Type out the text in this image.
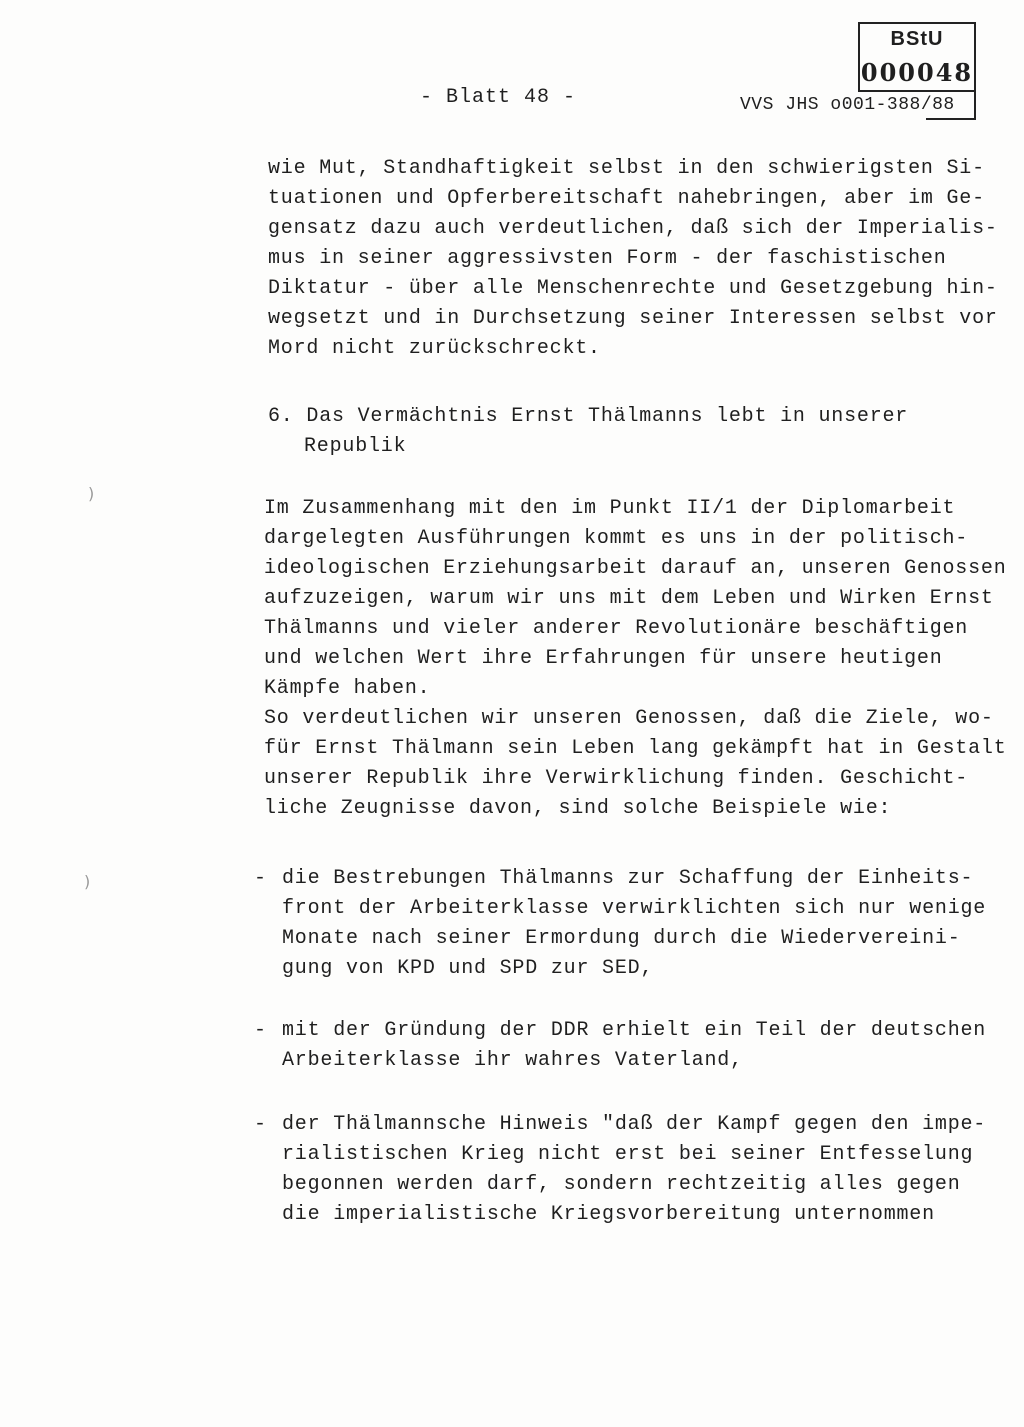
BStU
000048
- Blatt 48 -	VVS JHS o001-388/88
wie Mut, Standhaftigkeit selbst in den schwierigsten Si-
tuationen und Opferbereitschaft nahebringen, aber im Ge-
gensatz dazu auch verdeutlichen, daß sich der Imperialis-
mus in seiner aggressivsten Form - der faschistischen
Diktatur - über alle Menschenrechte und Gesetzgebung hin-
wegsetzt und in Durchsetzung seiner Interessen selbst vor
Mord nicht zurückschreckt.
6. Das Vermächtnis Ernst Thälmanns lebt in unserer
Republik
Im Zusammenhang mit den im Punkt II/1 der Diplomarbeit
dargelegten Ausführungen kommt es uns in der politisch-
ideologischen Erziehungsarbeit darauf an, unseren Genossen
aufzuzeigen, warum wir uns mit dem Leben und Wirken Ernst
Thälmanns und vieler anderer Revolutionäre beschäftigen
und welchen Wert ihre Erfahrungen für unsere heutigen
Kämpfe haben.
So verdeutlichen wir unseren Genossen, daß die Ziele, wo-
für Ernst Thälmann sein Leben lang gekämpft hat in Gestalt
unserer Republik ihre Verwirklichung finden. Geschicht-
liche Zeugnisse davon, sind solche Beispiele wie:
- die Bestrebungen Thälmanns zur Schaffung der Einheits-
front der Arbeiterklasse verwirklichten sich nur wenige
Monate nach seiner Ermordung durch die Wiedervereini-
gung von KPD und SPD zur SED,
- mit der Gründung der DDR erhielt ein Teil der deutschen
Arbeiterklasse ihr wahres Vaterland,
- der Thälmannsche Hinweis "daß der Kampf gegen den impe-
rialistischen Krieg nicht erst bei seiner Entfesselung
begonnen werden darf, sondern rechtzeitig alles gegen
die imperialistische Kriegsvorbereitung unternommen
)
)
